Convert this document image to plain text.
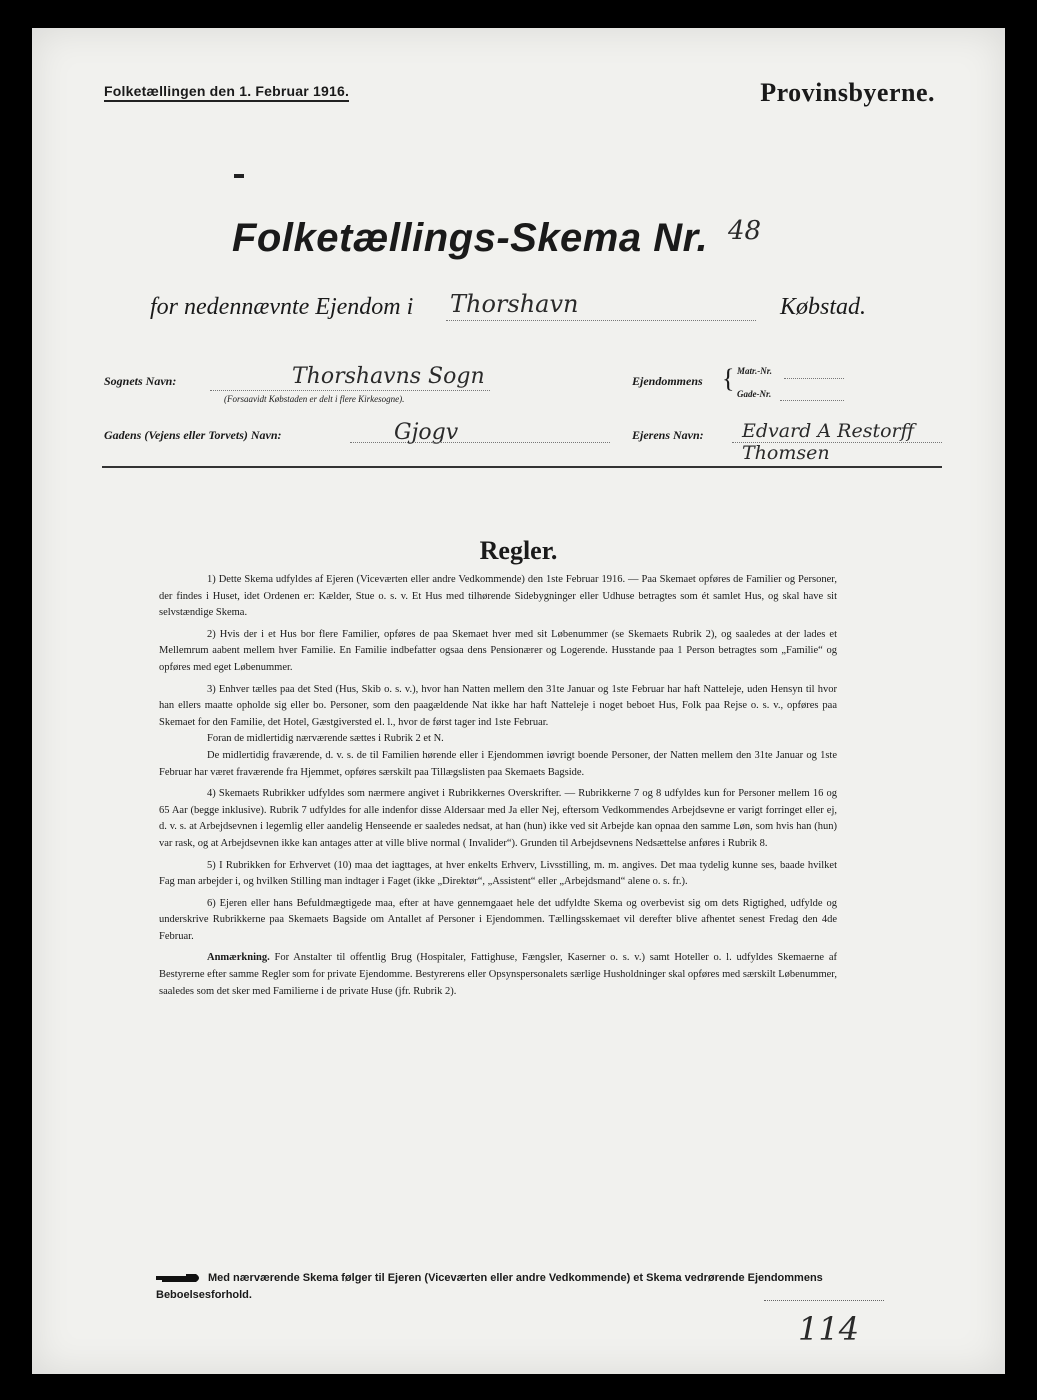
Folketællingen den 1. Februar 1916.	Provinsbyerne.
Folketællings-Skema Nr. 48
for nedennævnte Ejendom i Thorshavn	Købstad.
Sognets Navn:	Thorshavns Sogn
(Forsaavidt Købstaden er delt i flere Kirkesogne).
Ejendommens { Matr.-Nr.
Gade-Nr.
Gadens (Vejens eller Torvets) Navn:	Gjogv	Ejerens Navn: Edvard A Restorff Thomsen
Regler.

1) Dette Skema udfyldes af Ejeren (Viceværten eller andre Vedkommende) den 1ste Februar 1916. — Paa Skemaet opføres de Familier og Personer, der findes i Huset, idet Ordenen er: Kælder, Stue o. s. v. Et Hus med tilhørende Sidebygninger eller Udhuse betragtes som ét samlet Hus, og skal have sit selvstændige Skema.

2) Hvis der i et Hus bor flere Familier, opføres de paa Skemaet hver med sit Løbenummer (se Skemaets Rubrik 2), og saaledes at der lades et Mellemrum aabent mellem hver Familie. En Familie indbefatter ogsaa dens Pensionærer og Logerende. Husstande paa 1 Person betragtes som „Familie“ og opføres med eget Løbenummer.

3) Enhver tælles paa det Sted (Hus, Skib o. s. v.), hvor han Natten mellem den 31te Januar og 1ste Februar har haft Natteleje, uden Hensyn til hvor han ellers maatte opholde sig eller bo. Personer, som den paagældende Nat ikke har haft Natteleje i noget beboet Hus, Folk paa Rejse o. s. v., opføres paa Skemaet for den Familie, det Hotel, Gæstgiversted el. l., hvor de først tager ind 1ste Februar.

Foran de midlertidig nærværende sættes i Rubrik 2 et N.

De midlertidig fraværende, d. v. s. de til Familien hørende eller i Ejendommen iøvrigt boende Personer, der Natten mellem den 31te Januar og 1ste Februar har været fraværende fra Hjemmet, opføres særskilt paa Tillægslisten paa Skemaets Bagside.

4) Skemaets Rubrikker udfyldes som nærmere angivet i Rubrikkernes Overskrifter. — Rubrikkerne 7 og 8 udfyldes kun for Personer mellem 16 og 65 Aar (begge inklusive). Rubrik 7 udfyldes for alle indenfor disse Aldersaar med Ja eller Nej, eftersom Vedkommendes Arbejdsevne er varigt forringet eller ej, d. v. s. at Arbejdsevnen i legemlig eller aandelig Henseende er saaledes nedsat, at han (hun) ikke ved sit Arbejde kan opnaa den samme Løn, som hvis han (hun) var rask, og at Arbejdsevnen ikke kan antages atter at ville blive normal ( Invalider“). Grunden til Arbejdsevnens Nedsættelse anføres i Rubrik 8.

5) I Rubrikken for Erhvervet (10) maa det iagttages, at hver enkelts Erhverv, Livsstilling, m. m. angives. Det maa tydelig kunne ses, baade hvilket Fag man arbejder i, og hvilken Stilling man indtager i Faget (ikke „Direktør“, „Assistent“ eller „Arbejdsmand“ alene o. s. fr.).

6) Ejeren eller hans Befuldmægtigede maa, efter at have gennemgaaet hele det udfyldte Skema og overbevist sig om dets Rigtighed, udfylde og underskrive Rubrikkerne paa Skemaets Bagside om Antallet af Personer i Ejendommen. Tællingsskemaet vil derefter blive afhentet senest Fredag den 4de Februar.

Anmærkning. For Anstalter til offentlig Brug (Hospitaler, Fattighuse, Fængsler, Kaserner o. s. v.) samt Hoteller o. l. udfyldes Skemaerne af Bestyrerne efter samme Regler som for private Ejendomme. Bestyrerens eller Opsynspersonalets særlige Husholdninger skal opføres med særskilt Løbenummer, saaledes som det sker med Familierne i de private Huse (jfr. Rubrik 2).

Med nærværende Skema følger til Ejeren (Viceværten eller andre Vedkommende) et Skema vedrørende Ejendommens Beboelsesforhold.
114
